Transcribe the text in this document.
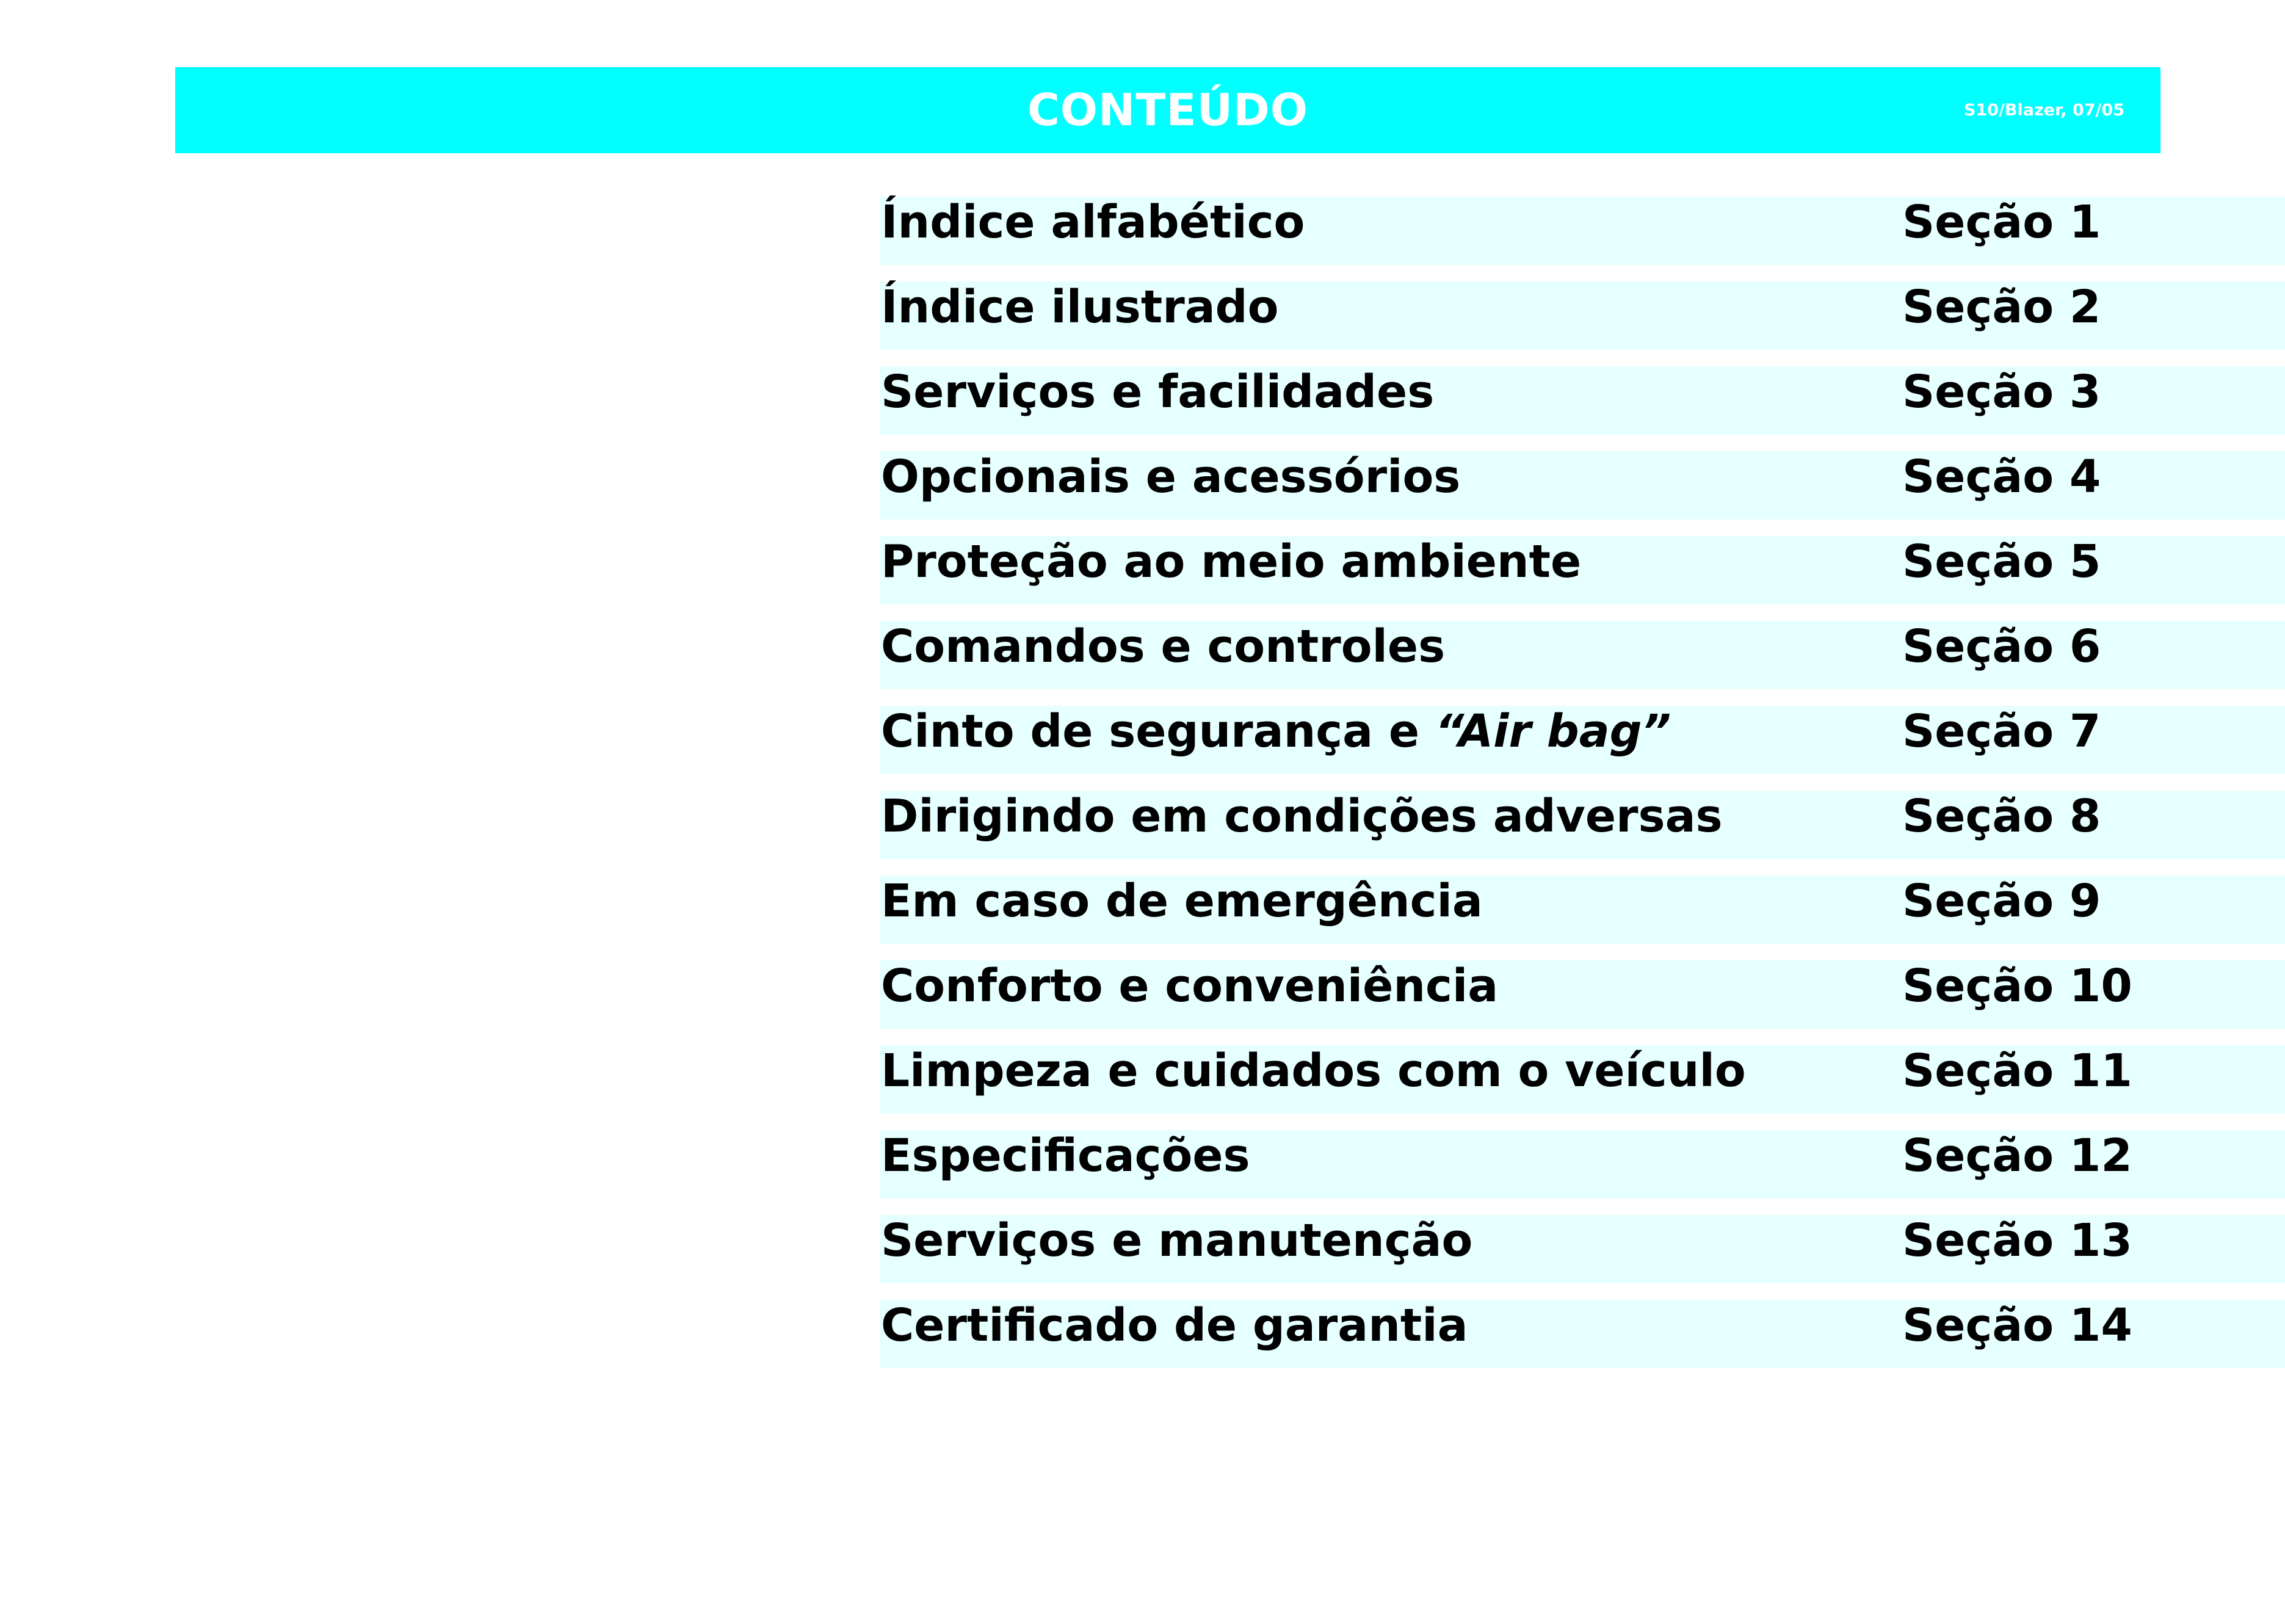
CONTEÚDO	S10/Blazer, 07/05
Índice alfabético	Seção 1
Índice ilustrado	Seção 2
Serviços e facilidades	Seção 3
Opcionais e acessórios	Seção 4
Proteção ao meio ambiente	Seção 5
Comandos e controles	Seção 6
Cinto de segurança e “Air bag”	Seção 7
Dirigindo em condições adversas	Seção 8
Em caso de emergência	Seção 9
Conforto e conveniência	Seção 10
Limpeza e cuidados com o veículo	Seção 11
Especificações	Seção 12
Serviços e manutenção	Seção 13
Certificado de garantia	Seção 14
